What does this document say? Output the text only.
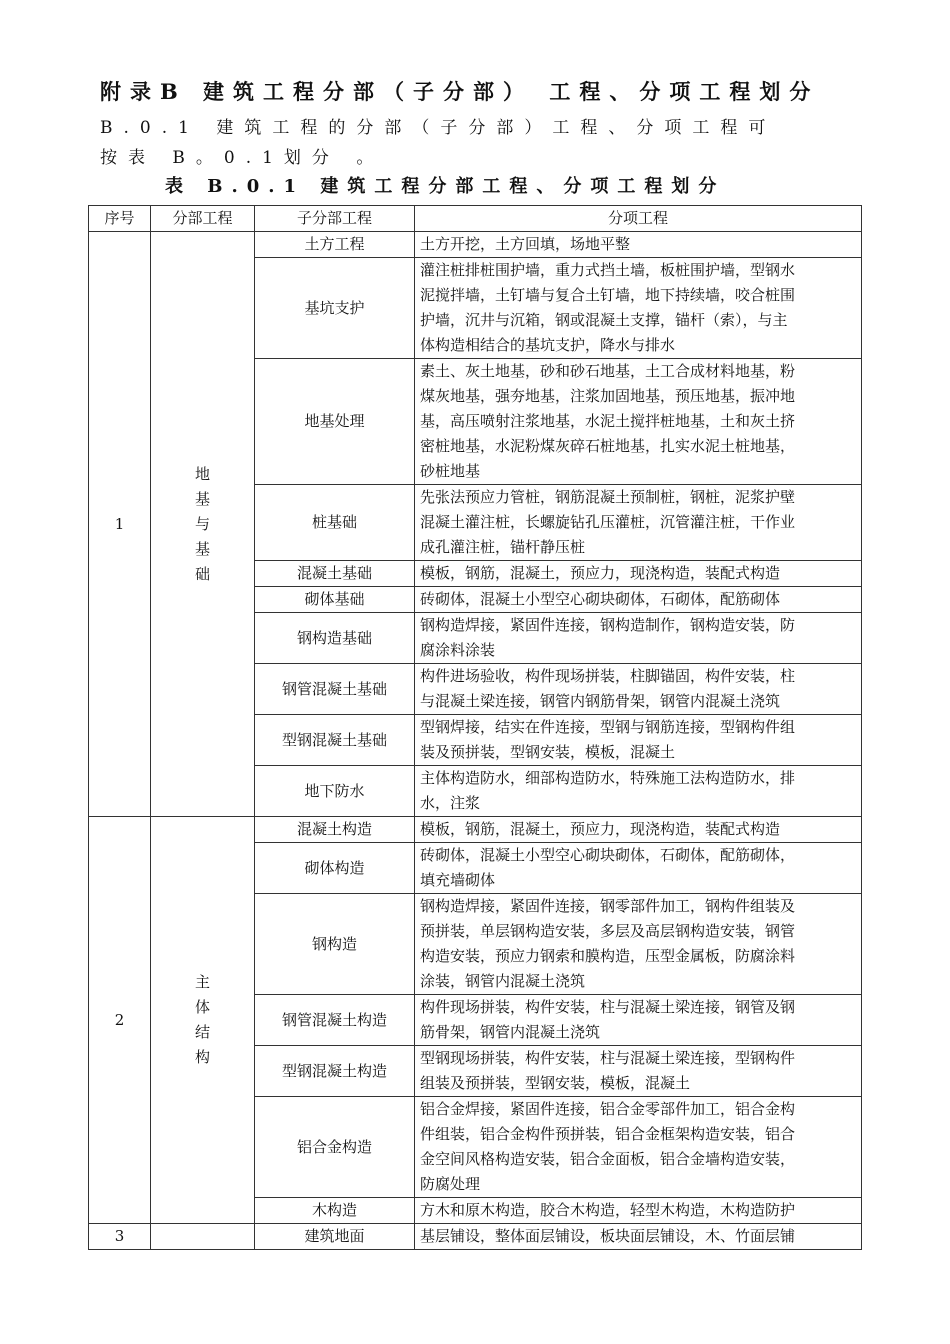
附录B 建筑工程分部（子分部） 工程、分项工程划分
B.0.1 建筑工程的分部（子分部）工程、分项工程可
按表 B。0.1划分 。
表 B.0.1 建筑工程分部工程、分项工程划分
序号	分部工程	子分部工程	分项工程
1	地
基
与
基
础	土方工程	土方开挖，土方回填，场地平整

		基坑支护	灌注桩排桩围护墙，重力式挡土墙，板桩围护墙，型钢水
泥搅拌墙，土钉墙与复合土钉墙，地下持续墙，咬合桩围
护墙，沉井与沉箱，钢或混凝土支撑，锚杆（索），与主
体构造相结合的基坑支护，降水与排水

		地基处理	素土、灰土地基，砂和砂石地基，土工合成材料地基，粉
煤灰地基，强夯地基，注浆加固地基，预压地基，振冲地
基，高压喷射注浆地基，水泥土搅拌桩地基，土和灰土挤
密桩地基，水泥粉煤灰碎石桩地基，扎实水泥土桩地基，
砂桩地基

		桩基础	先张法预应力管桩，钢筋混凝土预制桩，钢桩，泥浆护壁
混凝土灌注桩，长螺旋钻孔压灌桩，沉管灌注桩，干作业
成孔灌注桩，锚杆静压桩

		混凝土基础	模板，钢筋，混凝土，预应力，现浇构造，装配式构造

		砌体基础	砖砌体，混凝土小型空心砌块砌体，石砌体，配筋砌体

		钢构造基础	钢构造焊接，紧固件连接，钢构造制作，钢构造安装，防
腐涂料涂装

		钢管混凝土基础	构件进场验收，构件现场拼装，柱脚锚固，构件安装，柱
与混凝土梁连接，钢管内钢筋骨架，钢管内混凝土浇筑

		型钢混凝土基础	型钢焊接，结实在件连接，型钢与钢筋连接，型钢构件组
装及预拼装，型钢安装，模板，混凝土

		地下防水	主体构造防水，细部构造防水，特殊施工法构造防水，排
水，注浆

2	主
体
结
构	混凝土构造	模板，钢筋，混凝土，预应力，现浇构造，装配式构造

		砌体构造	砖砌体，混凝土小型空心砌块砌体，石砌体，配筋砌体，
填充墙砌体

		钢构造	钢构造焊接，紧固件连接，钢零部件加工，钢构件组装及
预拼装，单层钢构造安装，多层及高层钢构造安装，钢管
构造安装，预应力钢索和膜构造，压型金属板，防腐涂料
涂装，钢管内混凝土浇筑

		钢管混凝土构造	构件现场拼装，构件安装，柱与混凝土梁连接，钢管及钢
筋骨架，钢管内混凝土浇筑

		型钢混凝土构造	型钢现场拼装，构件安装，柱与混凝土梁连接，型钢构件
组装及预拼装，型钢安装，模板，混凝土

		铝合金构造	铝合金焊接，紧固件连接，铝合金零部件加工，铝合金构
件组装，铝合金构件预拼装，铝合金框架构造安装，铝合
金空间风格构造安装，铝合金面板，铝合金墙构造安装，
防腐处理

		木构造	方木和原木构造，胶合木构造，轻型木构造，木构造防护

3		建筑地面	基层铺设，整体面层铺设，板块面层铺设，木、竹面层铺
